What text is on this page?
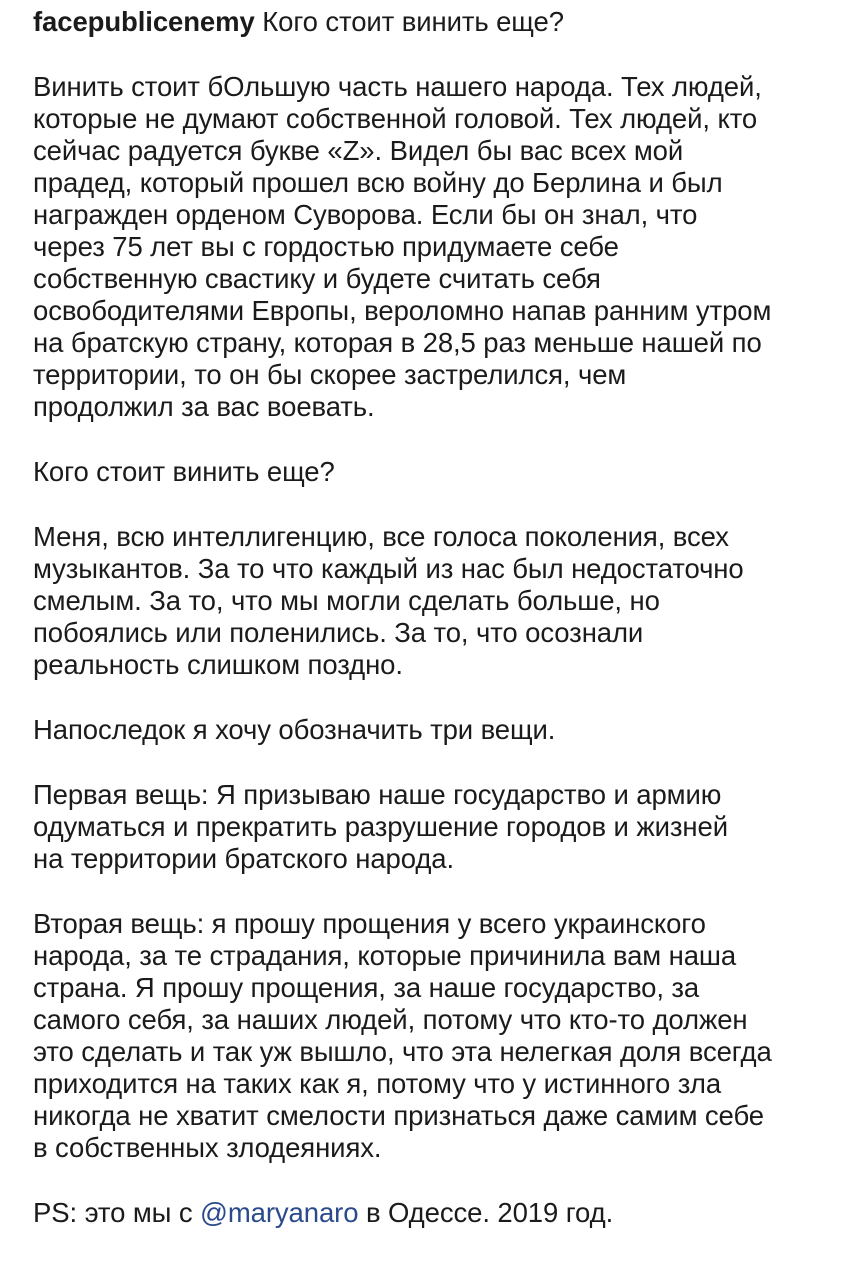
facepublicenemy Кого стоит винить еще?

Винить стоит бОльшую часть нашего народа. Тех людей,
которые не думают собственной головой. Тех людей, кто
сейчас радуется букве «Z». Видел бы вас всех мой
прадед, который прошел всю войну до Берлина и был
награжден орденом Суворова. Если бы он знал, что
через 75 лет вы с гордостью придумаете себе
собственную свастику и будете считать себя
освободителями Европы, вероломно напав ранним утром
на братскую страну, которая в 28,5 раз меньше нашей по
территории, то он бы скорее застрелился, чем
продолжил за вас воевать.

Кого стоит винить еще?

Меня, всю интеллигенцию, все голоса поколения, всех
музыкантов. За то что каждый из нас был недостаточно
смелым. За то, что мы могли сделать больше, но
побоялись или поленились. За то, что осознали
реальность слишком поздно.

Напоследок я хочу обозначить три вещи.

Первая вещь: Я призываю наше государство и армию
одуматься и прекратить разрушение городов и жизней
на территории братского народа.

Вторая вещь: я прошу прощения у всего украинского
народа, за те страдания, которые причинила вам наша
страна. Я прошу прощения, за наше государство, за
самого себя, за наших людей, потому что кто-то должен
это сделать и так уж вышло, что эта нелегкая доля всегда
приходится на таких как я, потому что у истинного зла
никогда не хватит смелости признаться даже самим себе
в собственных злодеяниях.

PS: это мы с @maryanaro в Одессе. 2019 год.
